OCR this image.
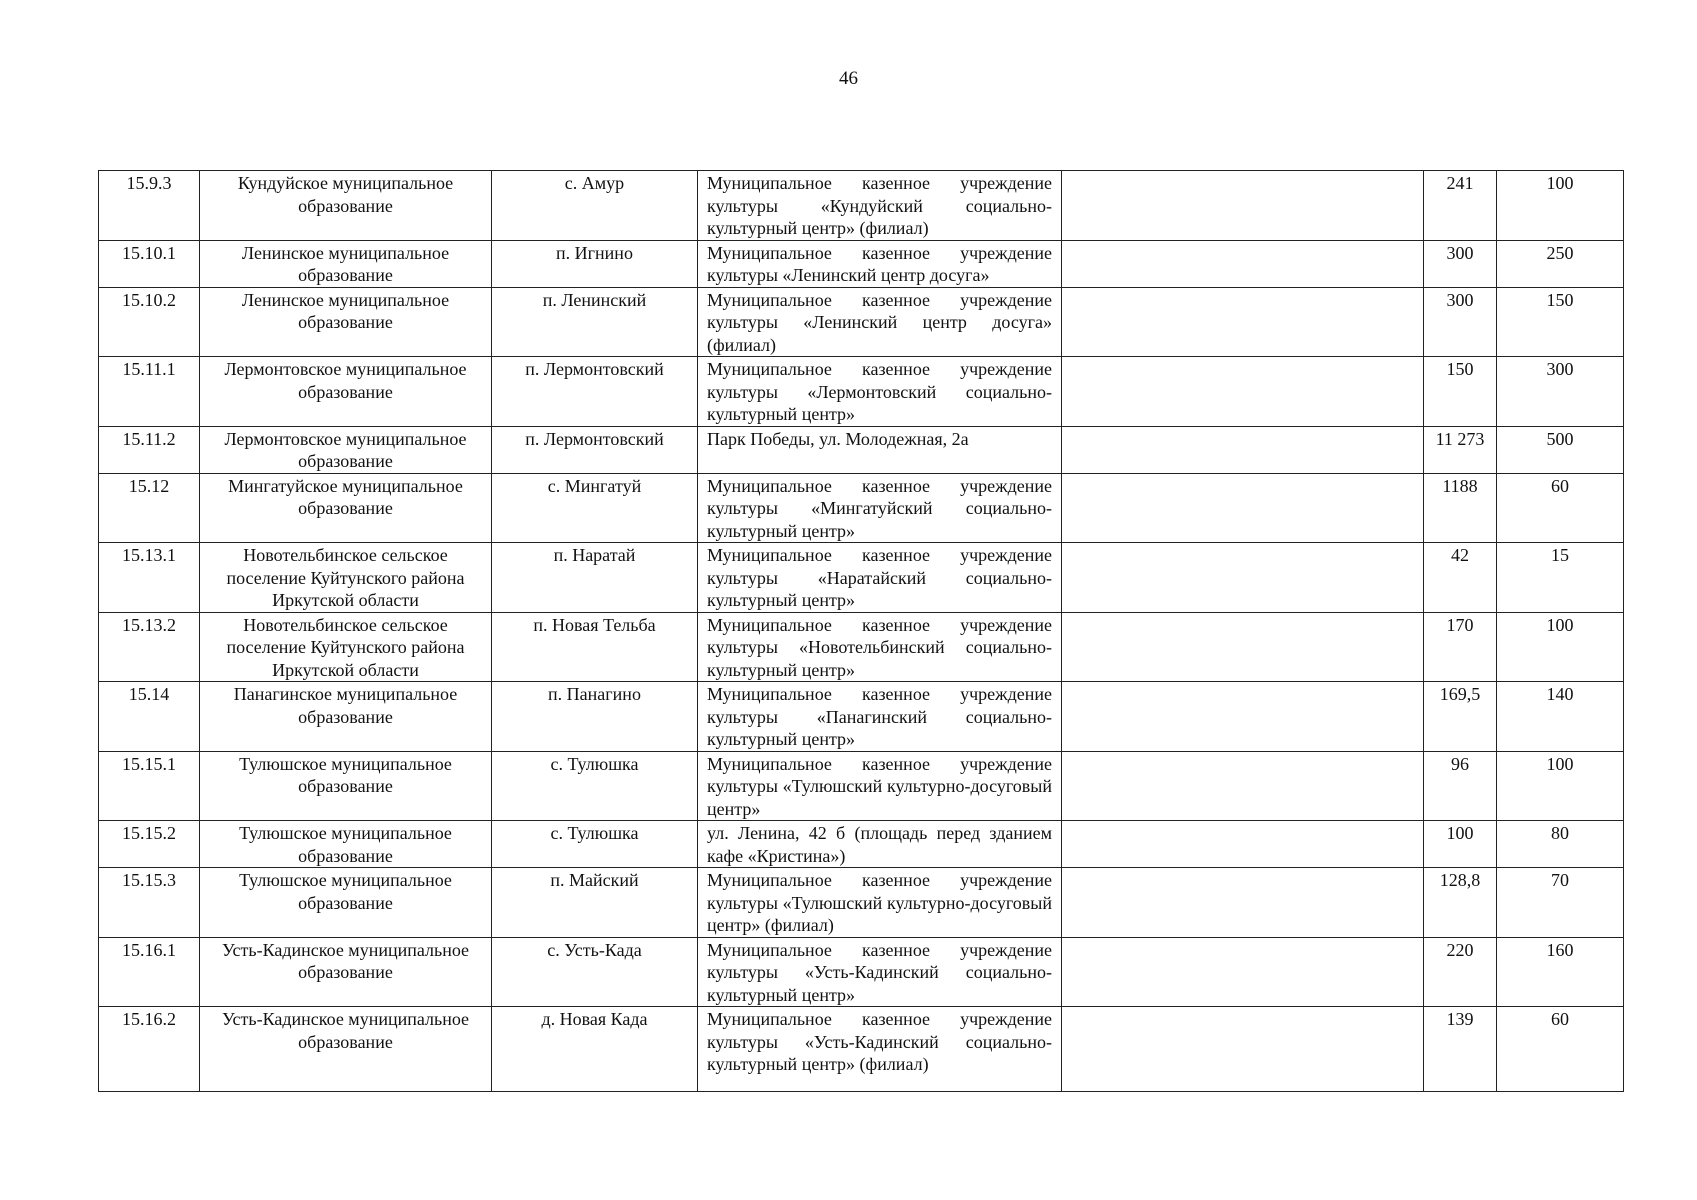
46
15.9.3	Кундуйское муниципальное образование	с. Амур	Муниципальное казенное учреждение культуры «Кундуйский социально-культурный центр» (филиал)		241	100
15.10.1	Ленинское муниципальное образование	п. Игнино	Муниципальное казенное учреждение культуры «Ленинский центр досуга»		300	250
15.10.2	Ленинское муниципальное образование	п. Ленинский	Муниципальное казенное учреждение культуры «Ленинский центр досуга» (филиал)		300	150
15.11.1	Лермонтовское муниципальное образование	п. Лермонтовский	Муниципальное казенное учреждение культуры «Лермонтовский социально-культурный центр»		150	300
15.11.2	Лермонтовское муниципальное образование	п. Лермонтовский	Парк Победы, ул. Молодежная, 2а		11 273	500
15.12	Мингатуйское муниципальное образование	с. Мингатуй	Муниципальное казенное учреждение культуры «Мингатуйский социально-культурный центр»		1188	60
15.13.1	Новотельбинское сельское поселение Куйтунского района Иркутской области	п. Наратай	Муниципальное казенное учреждение культуры «Наратайский социально-культурный центр»		42	15
15.13.2	Новотельбинское сельское поселение Куйтунского района Иркутской области	п. Новая Тельба	Муниципальное казенное учреждение культуры «Новотельбинский социально-культурный центр»		170	100
15.14	Панагинское муниципальное образование	п. Панагино	Муниципальное казенное учреждение культуры «Панагинский социально-культурный центр»		169,5	140
15.15.1	Тулюшское муниципальное образование	с. Тулюшка	Муниципальное казенное учреждение культуры «Тулюшский культурно-досуговый центр»		96	100
15.15.2	Тулюшское муниципальное образование	с. Тулюшка	ул. Ленина, 42 б (площадь перед зданием кафе «Кристина»)		100	80
15.15.3	Тулюшское муниципальное образование	п. Майский	Муниципальное казенное учреждение культуры «Тулюшский культурно-досуговый центр» (филиал)		128,8	70
15.16.1	Усть-Кадинское муниципальное образование	с. Усть-Када	Муниципальное казенное учреждение культуры «Усть-Кадинский социально-культурный центр»		220	160
15.16.2	Усть-Кадинское муниципальное образование	д. Новая Када	Муниципальное казенное учреждение культуры «Усть-Кадинский социально-культурный центр» (филиал)		139	60
